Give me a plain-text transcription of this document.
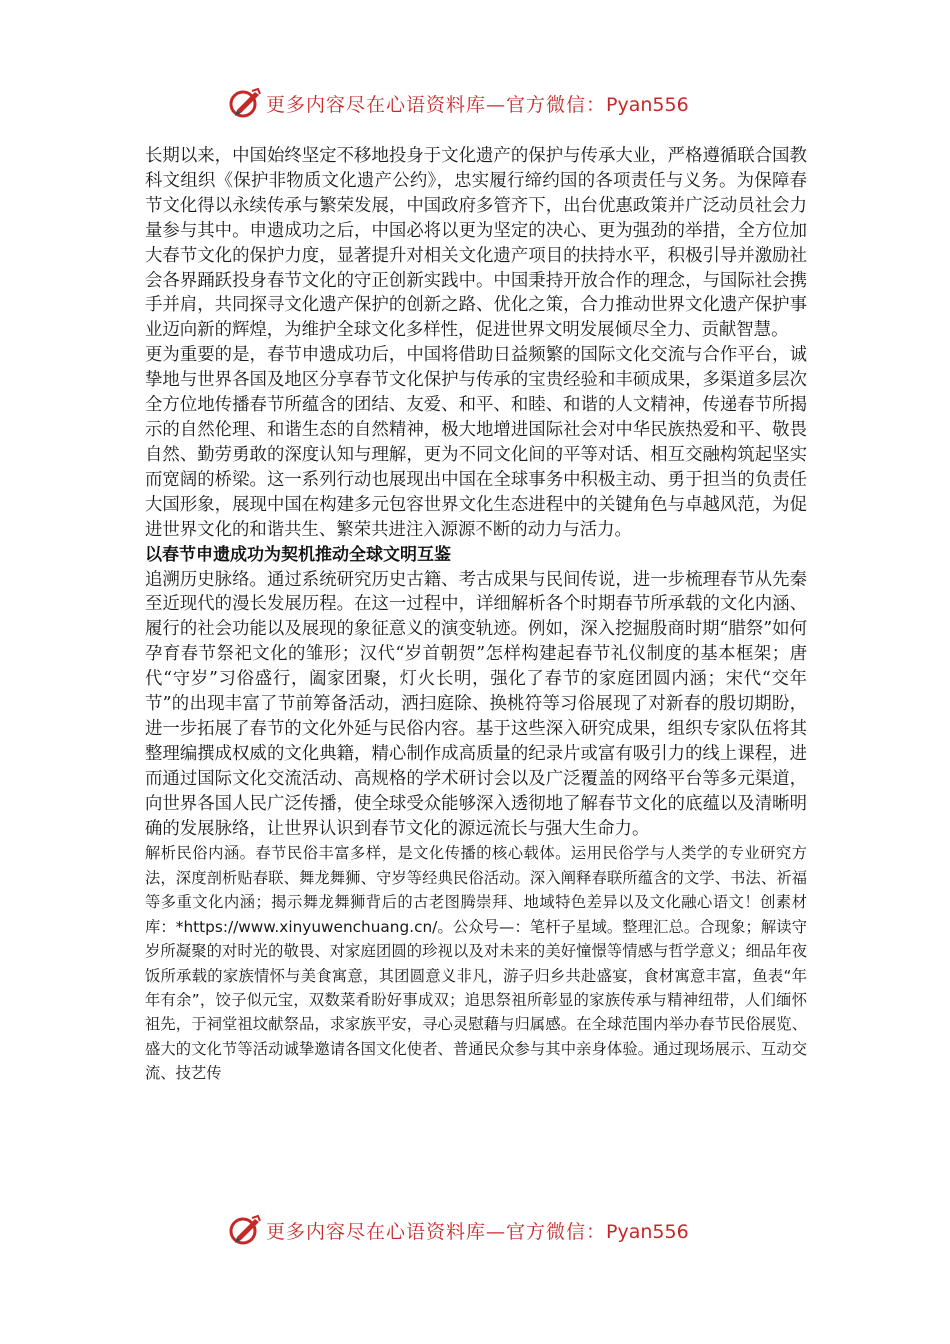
更多内容尽在心语资料库—官方微信：Pyan556

长期以来，中国始终坚定不移地投身于文化遗产的保护与传承大业，严格遵循联合国教科文组织《保护非物质文化遗产公约》，忠实履行缔约国的各项责任与义务。为保障春节文化得以永续传承与繁荣发展，中国政府多管齐下，出台优惠政策并广泛动员社会力量参与其中。申遗成功之后，中国必将以更为坚定的决心、更为强劲的举措，全方位加大春节文化的保护力度，显著提升对相关文化遗产项目的扶持水平，积极引导并激励社会各界踊跃投身春节文化的守正创新实践中。中国秉持开放合作的理念，与国际社会携手并肩，共同探寻文化遗产保护的创新之路、优化之策，合力推动世界文化遗产保护事业迈向新的辉煌，为维护全球文化多样性，促进世界文明发展倾尽全力、贡献智慧。

更为重要的是，春节申遗成功后，中国将借助日益频繁的国际文化交流与合作平台，诚挚地与世界各国及地区分享春节文化保护与传承的宝贵经验和丰硕成果，多渠道多层次全方位地传播春节所蕴含的团结、友爱、和平、和睦、和谐的人文精神，传递春节所揭示的自然伦理、和谐生态的自然精神，极大地增进国际社会对中华民族热爱和平、敬畏自然、勤劳勇敢的深度认知与理解，更为不同文化间的平等对话、相互交融构筑起坚实而宽阔的桥梁。这一系列行动也展现出中国在全球事务中积极主动、勇于担当的负责任大国形象，展现中国在构建多元包容世界文化生态进程中的关键角色与卓越风范，为促进世界文化的和谐共生、繁荣共进注入源源不断的动力与活力。

以春节申遗成功为契机推动全球文明互鉴

追溯历史脉络。通过系统研究历史古籍、考古成果与民间传说，进一步梳理春节从先秦至近现代的漫长发展历程。在这一过程中，详细解析各个时期春节所承载的文化内涵、履行的社会功能以及展现的象征意义的演变轨迹。例如，深入挖掘殷商时期“腊祭”如何孕育春节祭祀文化的雏形；汉代“岁首朝贺”怎样构建起春节礼仪制度的基本框架；唐代“守岁”习俗盛行，阖家团聚，灯火长明，强化了春节的家庭团圆内涵；宋代“交年节”的出现丰富了节前筹备活动，洒扫庭除、换桃符等习俗展现了对新春的殷切期盼，进一步拓展了春节的文化外延与民俗内容。基于这些深入研究成果，组织专家队伍将其整理编撰成权威的文化典籍，精心制作成高质量的纪录片或富有吸引力的线上课程，进而通过国际文化交流活动、高规格的学术研讨会以及广泛覆盖的网络平台等多元渠道，向世界各国人民广泛传播，使全球受众能够深入透彻地了解春节文化的底蕴以及清晰明确的发展脉络，让世界认识到春节文化的源远流长与强大生命力。

解析民俗内涵。春节民俗丰富多样，是文化传播的核心载体。运用民俗学与人类学的专业研究方法，深度剖析贴春联、舞龙舞狮、守岁等经典民俗活动。深入阐释春联所蕴含的文学、书法、祈福等多重文化内涵；揭示舞龙舞狮背后的古老图腾崇拜、地域特色差异以及文化融心语文！创素材库：*https://www.xinyuwenchuang.cn/。公众号—：笔杆子星域。整理汇总。合现象；解读守岁所凝聚的对时光的敬畏、对家庭团圆的珍视以及对未来的美好憧憬等情感与哲学意义；细品年夜饭所承载的家族情怀与美食寓意，其团圆意义非凡，游子归乡共赴盛宴，食材寓意丰富，鱼表“年年有余”，饺子似元宝，双数菜肴盼好事成双；追思祭祖所彰显的家族传承与精神纽带，人们缅怀祖先，于祠堂祖坟献祭品，求家族平安，寻心灵慰藉与归属感。在全球范围内举办春节民俗展览、盛大的文化节等活动诚挚邀请各国文化使者、普通民众参与其中亲身体验。通过现场展示、互动交流、技艺传

更多内容尽在心语资料库—官方微信：Pyan556
